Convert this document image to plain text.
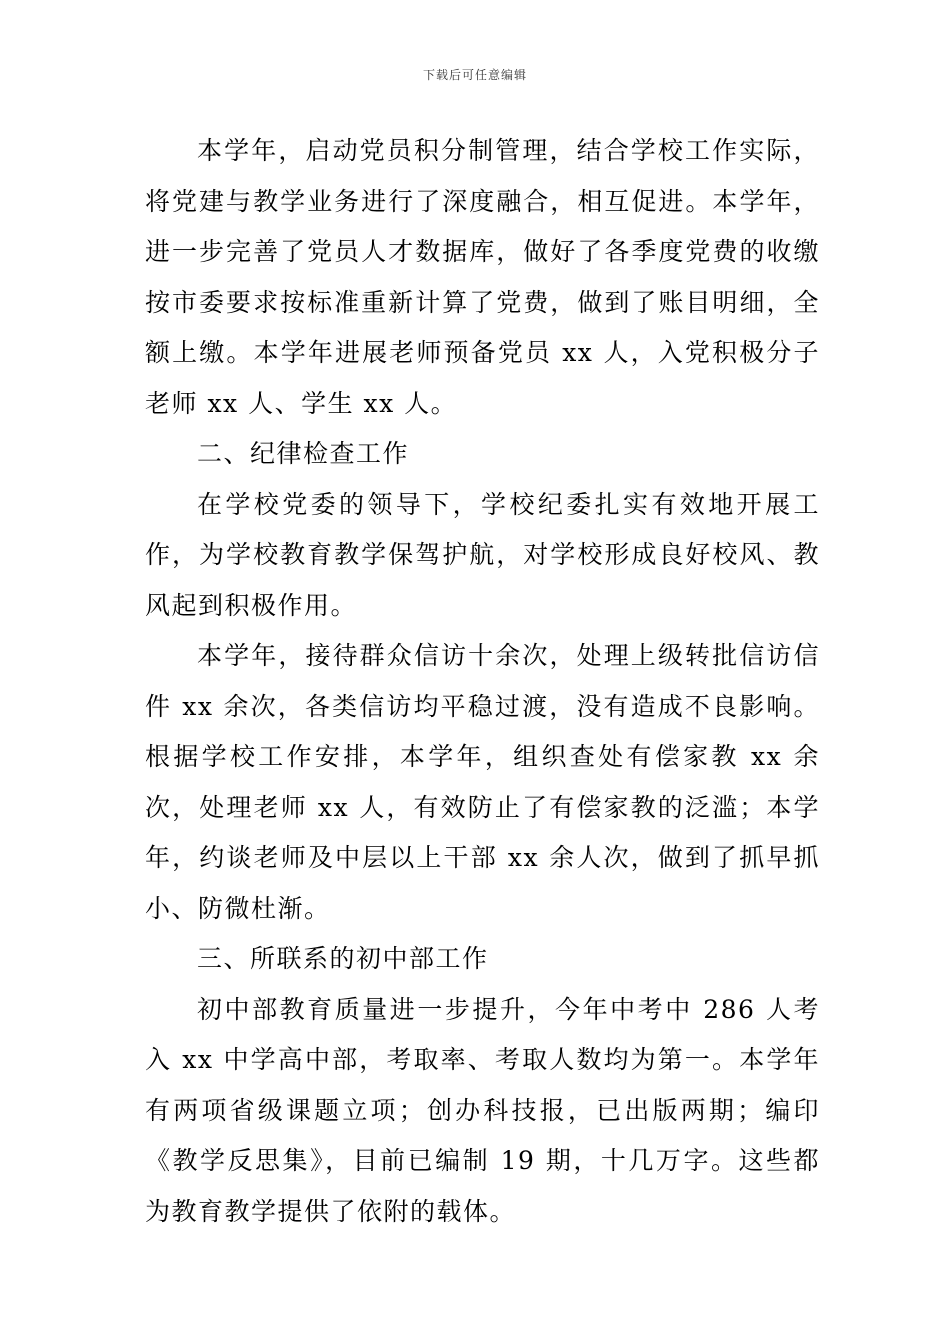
下载后可任意编辑

本学年，启动党员积分制管理，结合学校工作实际，将党建与教学业务进行了深度融合，相互促进。本学年，进一步完善了党员人才数据库，做好了各季度党费的收缴按市委要求按标准重新计算了党费，做到了账目明细，全额上缴。本学年进展老师预备党员 xx 人，入党积极分子老师 xx 人、学生 xx 人。

二、纪律检查工作

在学校党委的领导下，学校纪委扎实有效地开展工作，为学校教育教学保驾护航，对学校形成良好校风、教风起到积极作用。

本学年，接待群众信访十余次，处理上级转批信访信件 xx 余次，各类信访均平稳过渡，没有造成不良影响。根据学校工作安排，本学年，组织查处有偿家教 xx 余次，处理老师 xx 人，有效防止了有偿家教的泛滥；本学年，约谈老师及中层以上干部 xx 余人次，做到了抓早抓小、防微杜渐。

三、所联系的初中部工作

初中部教育质量进一步提升，今年中考中 286 人考入 xx 中学高中部，考取率、考取人数均为第一。本学年有两项省级课题立项；创办科技报，已出版两期；编印《教学反思集》，目前已编制 19 期，十几万字。这些都为教育教学提供了依附的载体。
